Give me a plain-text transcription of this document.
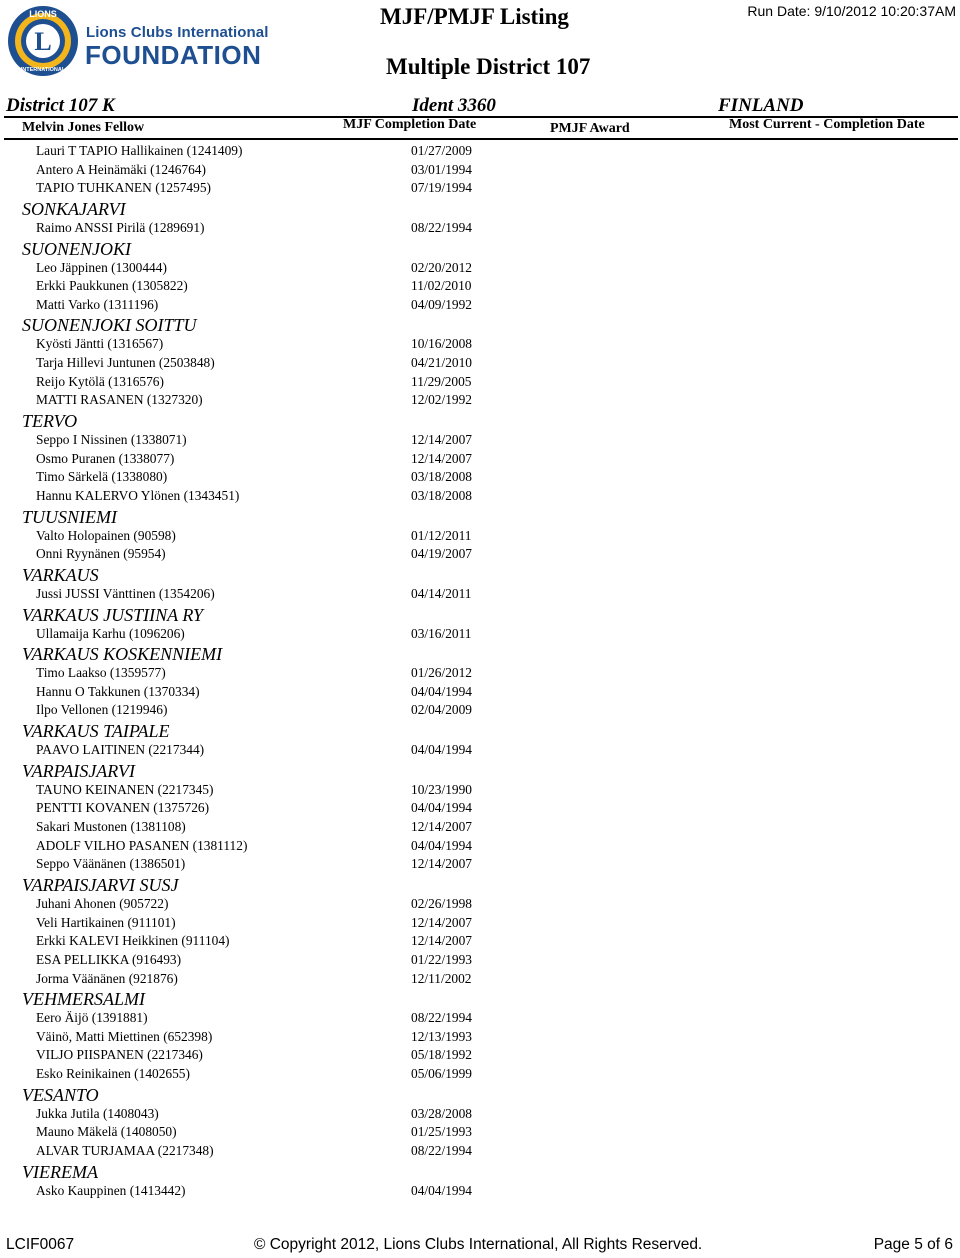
LIONS
L
INTERNATIONAL
Lions Clubs International
FOUNDATION
MJF/PMJF Listing
Multiple District 107
Run Date: 9/10/2012 10:20:37AM
District 107 K	Ident 3360	FINLAND
Melvin Jones Fellow	MJF Completion Date	PMJF Award	Most Current - Completion Date
Lauri T TAPIO Hallikainen (1241409)	01/27/2009
Antero A Heinämäki (1246764)	03/01/1994
TAPIO TUHKANEN (1257495)	07/19/1994
SONKAJARVI
Raimo ANSSI Pirilä (1289691)	08/22/1994
SUONENJOKI
Leo Jäppinen (1300444)	02/20/2012
Erkki Paukkunen (1305822)	11/02/2010
Matti Varko (1311196)	04/09/1992
SUONENJOKI SOITTU
Kyösti Jäntti (1316567)	10/16/2008
Tarja Hillevi Juntunen (2503848)	04/21/2010
Reijo Kytölä (1316576)	11/29/2005
MATTI RASANEN (1327320)	12/02/1992
TERVO
Seppo I Nissinen (1338071)	12/14/2007
Osmo Puranen (1338077)	12/14/2007
Timo Särkelä (1338080)	03/18/2008
Hannu KALERVO Ylönen (1343451)	03/18/2008
TUUSNIEMI
Valto Holopainen (90598)	01/12/2011
Onni Ryynänen (95954)	04/19/2007
VARKAUS
Jussi JUSSI Vänttinen (1354206)	04/14/2011
VARKAUS JUSTIINA RY
Ullamaija Karhu (1096206)	03/16/2011
VARKAUS KOSKENNIEMI
Timo Laakso (1359577)	01/26/2012
Hannu O Takkunen (1370334)	04/04/1994
Ilpo Vellonen (1219946)	02/04/2009
VARKAUS TAIPALE
PAAVO LAITINEN (2217344)	04/04/1994
VARPAISJARVI
TAUNO KEINANEN (2217345)	10/23/1990
PENTTI KOVANEN (1375726)	04/04/1994
Sakari Mustonen (1381108)	12/14/2007
ADOLF VILHO PASANEN (1381112)	04/04/1994
Seppo Väänänen (1386501)	12/14/2007
VARPAISJARVI SUSJ
Juhani Ahonen (905722)	02/26/1998
Veli Hartikainen (911101)	12/14/2007
Erkki KALEVI Heikkinen (911104)	12/14/2007
ESA PELLIKKA (916493)	01/22/1993
Jorma Väänänen (921876)	12/11/2002
VEHMERSALMI
Eero Äijö (1391881)	08/22/1994
Väinö, Matti Miettinen (652398)	12/13/1993
VILJO PIISPANEN (2217346)	05/18/1992
Esko Reinikainen (1402655)	05/06/1999
VESANTO
Jukka Jutila (1408043)	03/28/2008
Mauno Mäkelä (1408050)	01/25/1993
ALVAR TURJAMAA (2217348)	08/22/1994
VIEREMA
Asko Kauppinen (1413442)	04/04/1994
LCIF0067	© Copyright 2012, Lions Clubs International, All Rights Reserved.	Page 5 of 6
